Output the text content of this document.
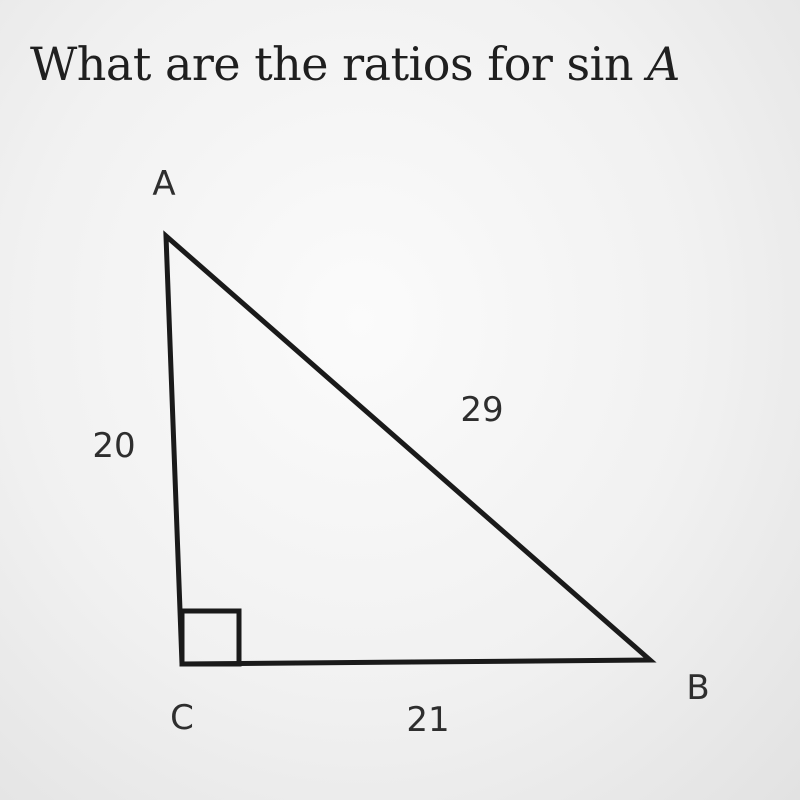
What are the ratios for sin A
A
B
C
20
29
21
